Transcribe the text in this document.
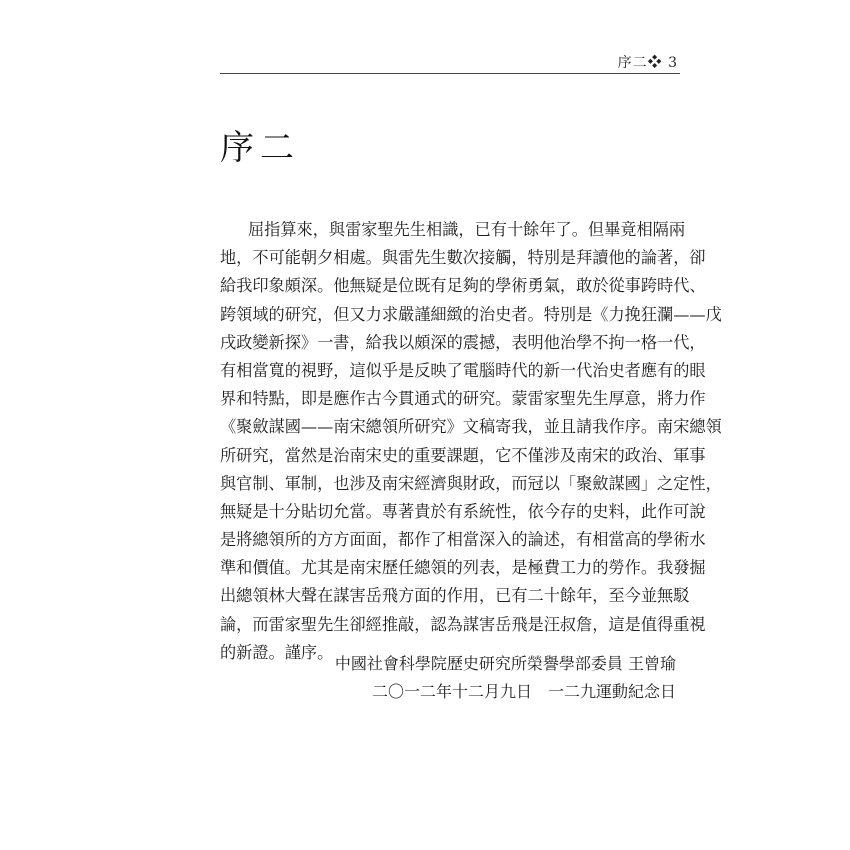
序二❖ 3
序二
屈指算來，與雷家聖先生相識，已有十餘年了。但畢竟相隔兩
地，不可能朝夕相處。與雷先生數次接觸，特別是拜讀他的論著，卻
給我印象頗深。他無疑是位既有足夠的學術勇氣，敢於從事跨時代、
跨領域的研究，但又力求嚴謹細緻的治史者。特別是《力挽狂瀾——戊
戌政變新探》一書，給我以頗深的震撼，表明他治學不拘一格一代，
有相當寬的視野，這似乎是反映了電腦時代的新一代治史者應有的眼
界和特點，即是應作古今貫通式的研究。蒙雷家聖先生厚意，將力作
《聚斂謀國——南宋總領所研究》文稿寄我，並且請我作序。南宋總領
所研究，當然是治南宋史的重要課題，它不僅涉及南宋的政治、軍事
與官制、軍制，也涉及南宋經濟與財政，而冠以「聚斂謀國」之定性，
無疑是十分貼切允當。專著貴於有系統性，依今存的史料，此作可說
是將總領所的方方面面，都作了相當深入的論述，有相當高的學術水
準和價值。尤其是南宋歷任總領的列表，是極費工力的勞作。我發掘
出總領林大聲在謀害岳飛方面的作用，已有二十餘年，至今並無駁
論，而雷家聖先生卻經推敲，認為謀害岳飛是汪叔詹，這是值得重視
的新證。謹序。
中國社會科學院歷史研究所榮譽學部委員 王曾瑜
二〇一二年十二月九日　一二九運動紀念日
